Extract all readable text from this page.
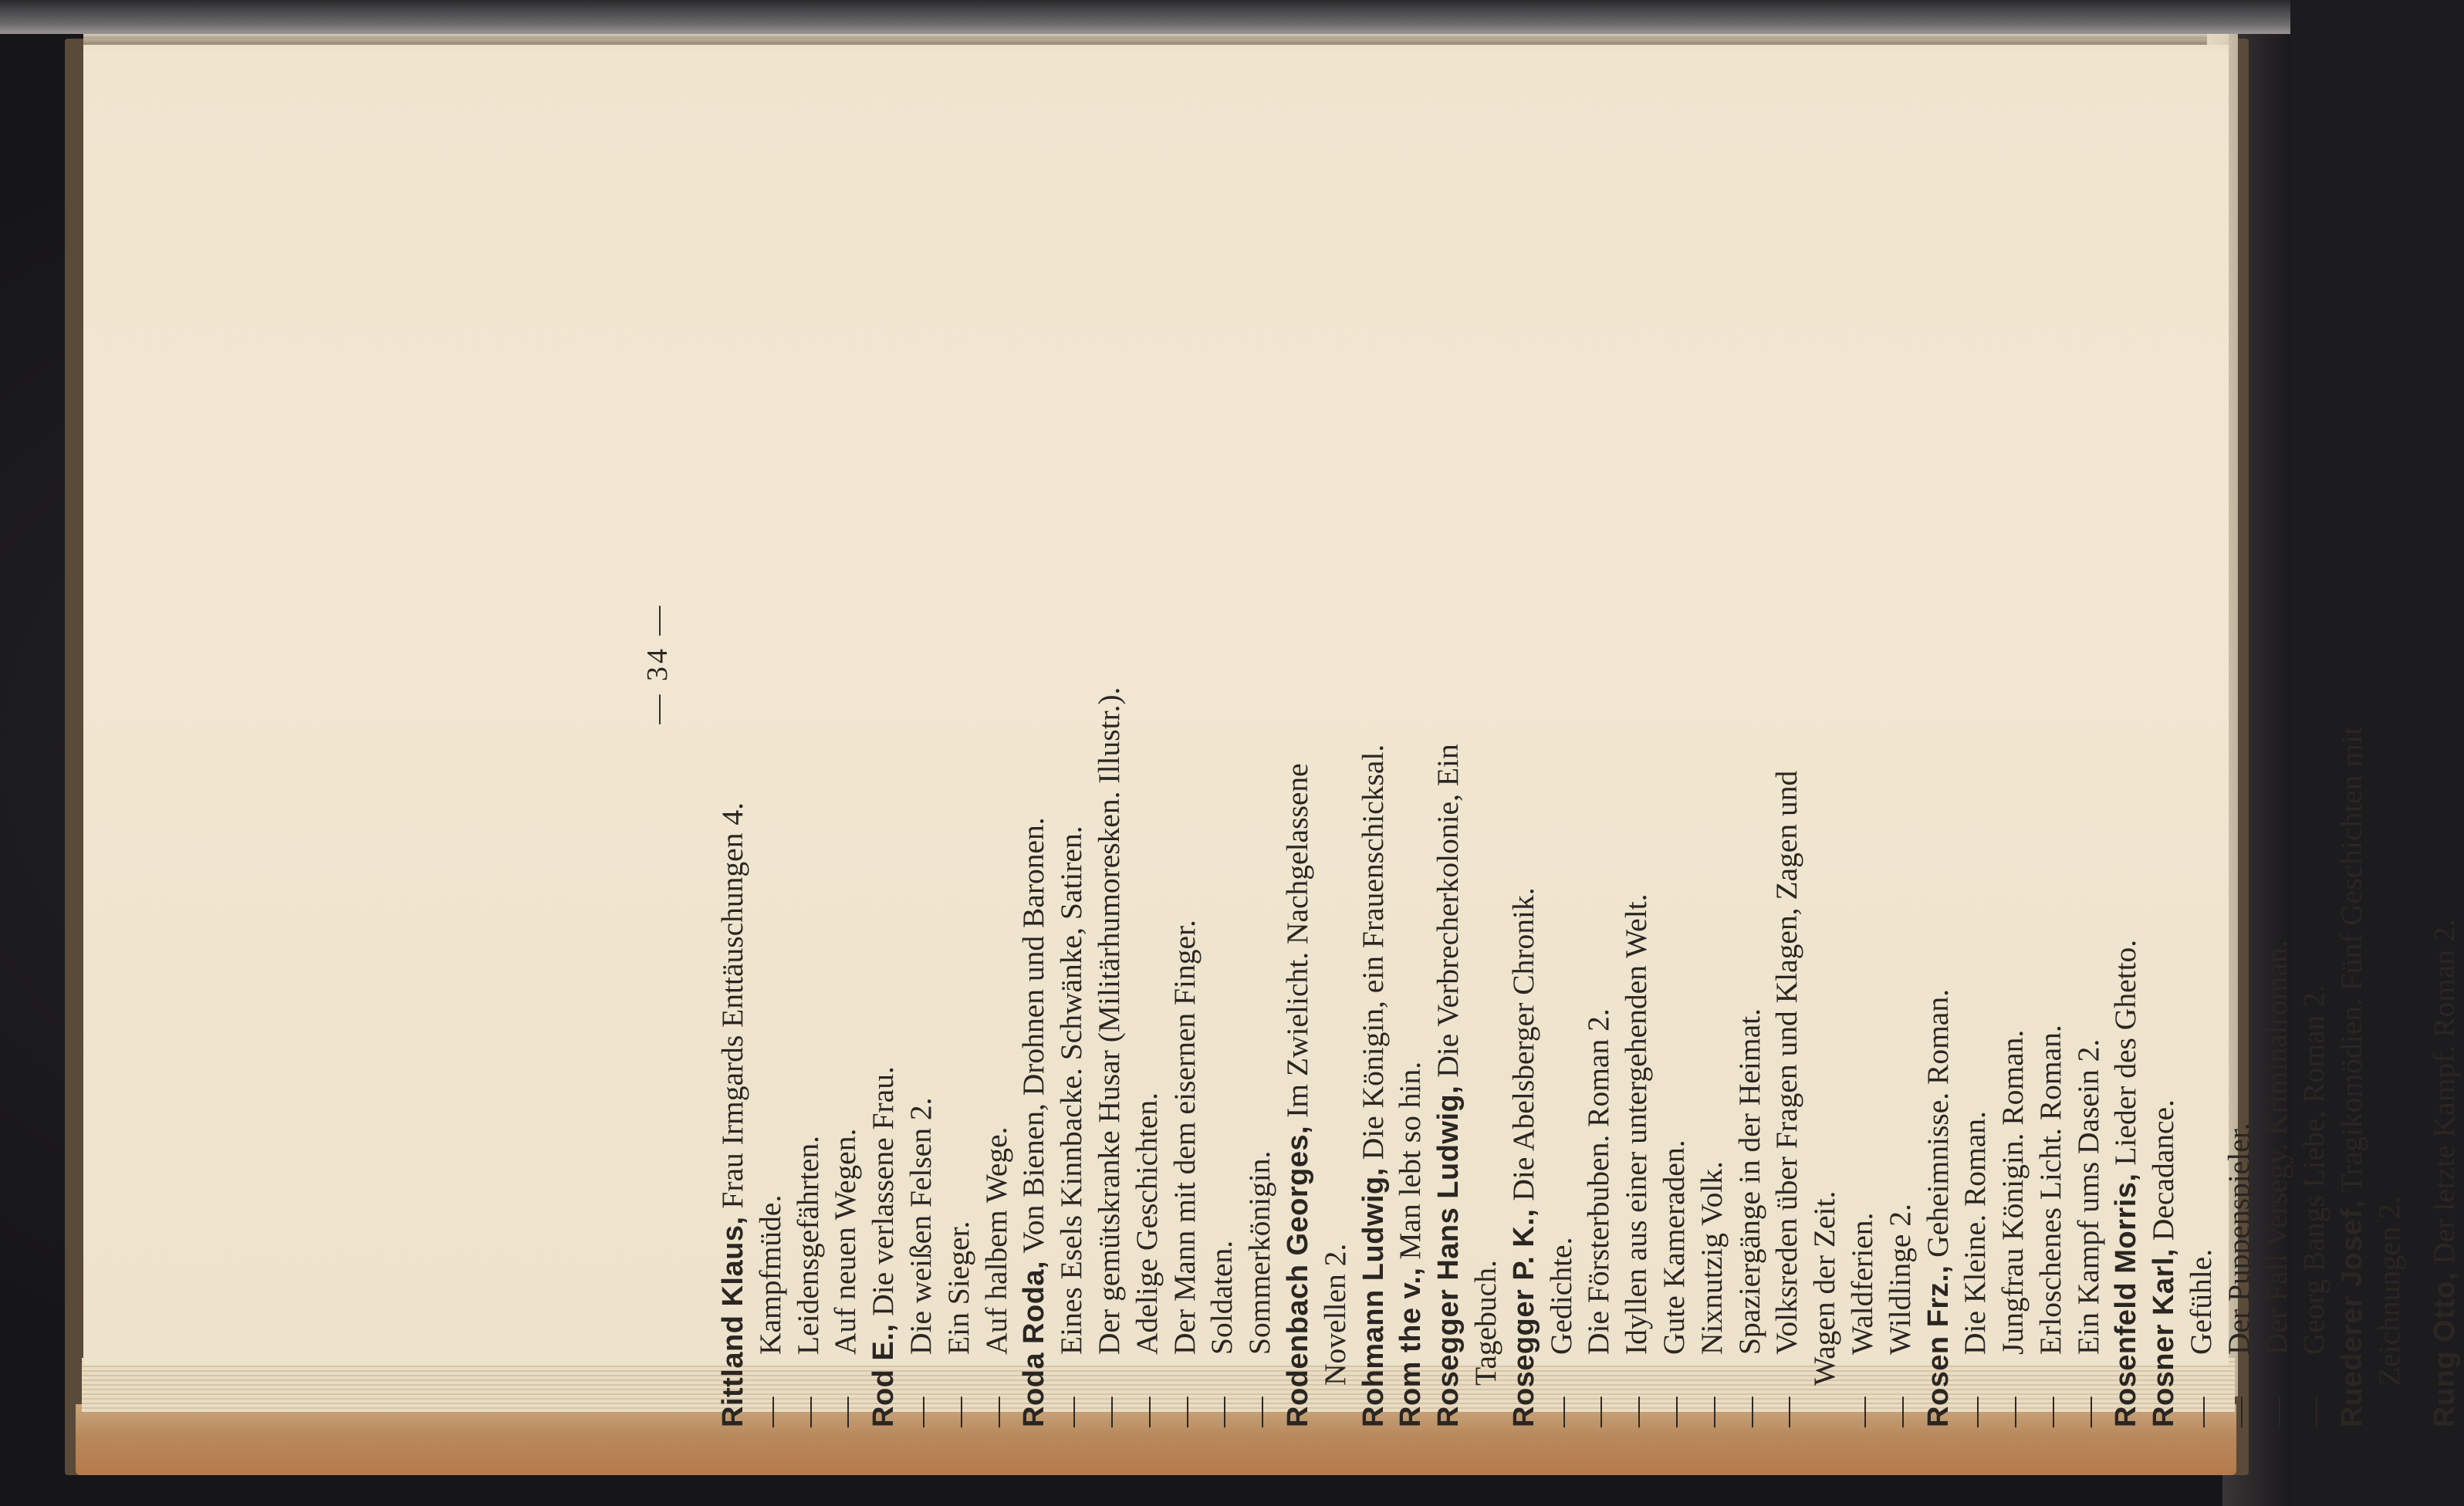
— 34 —
Rittland Klaus, Frau Irmgards Enttäuschungen 4.
—Kampfmüde.
—Leidensgefährten.
—Auf neuen Wegen.
Rod E., Die verlassene Frau.
—Die weißen Felsen 2.
—Ein Sieger.
—Auf halbem Wege. Roda Roda, Von Bienen, Drohnen und Baronen.
—Eines Esels Kinnbacke. Schwänke, Satiren.
—Der gemütskranke Husar (Militärhumoresken. Illustr.).
—Adelige Geschichten.
—Der Mann mit dem eisernen Finger.
—Soldaten.
—Sommerkönigin. Rodenbach Georges, Im Zwielicht. Nachgelassene
Novellen 2. Rohmann Ludwig, Die Königin, ein Frauenschicksal.
Rom the v., Man lebt so hin. Rosegger Hans Ludwig, Die Verbrecherkolonie, Ein
Tagebuch. Rosegger P. K., Die Abelsberger Chronik.
—Gedichte.
—Die Försterbuben. Roman 2.
—Idyllen aus einer untergehenden Welt.
—Gute Kameraden.
—Nixnutzig Volk.
—Spaziergänge in der Heimat.
—Volksreden über Fragen und Klagen, Zagen und Wagen der Zeit.
—Waldferien.
—Wildlinge 2. Rosen Frz., Geheimnisse. Roman.
—Die Kleine. Roman.
—Jungfrau Königin. Roman.
—Erloschenes Licht. Roman.
—Ein Kampf ums Dasein 2. Rosenfeld Morris, Lieder des Ghetto.
Rosner Karl, Decadance.
—Gefühle.
—Der Puppenspieler.
—Der Fall Versegy. Kriminalroman.
—Georg Bangs Liebe, Roman 2. Ruederer Josef, Tragikomödien. Fünf Geschichten mit
Zeichnungen 2. Rung Otto, Der letzte Kampf. Roman 2.
